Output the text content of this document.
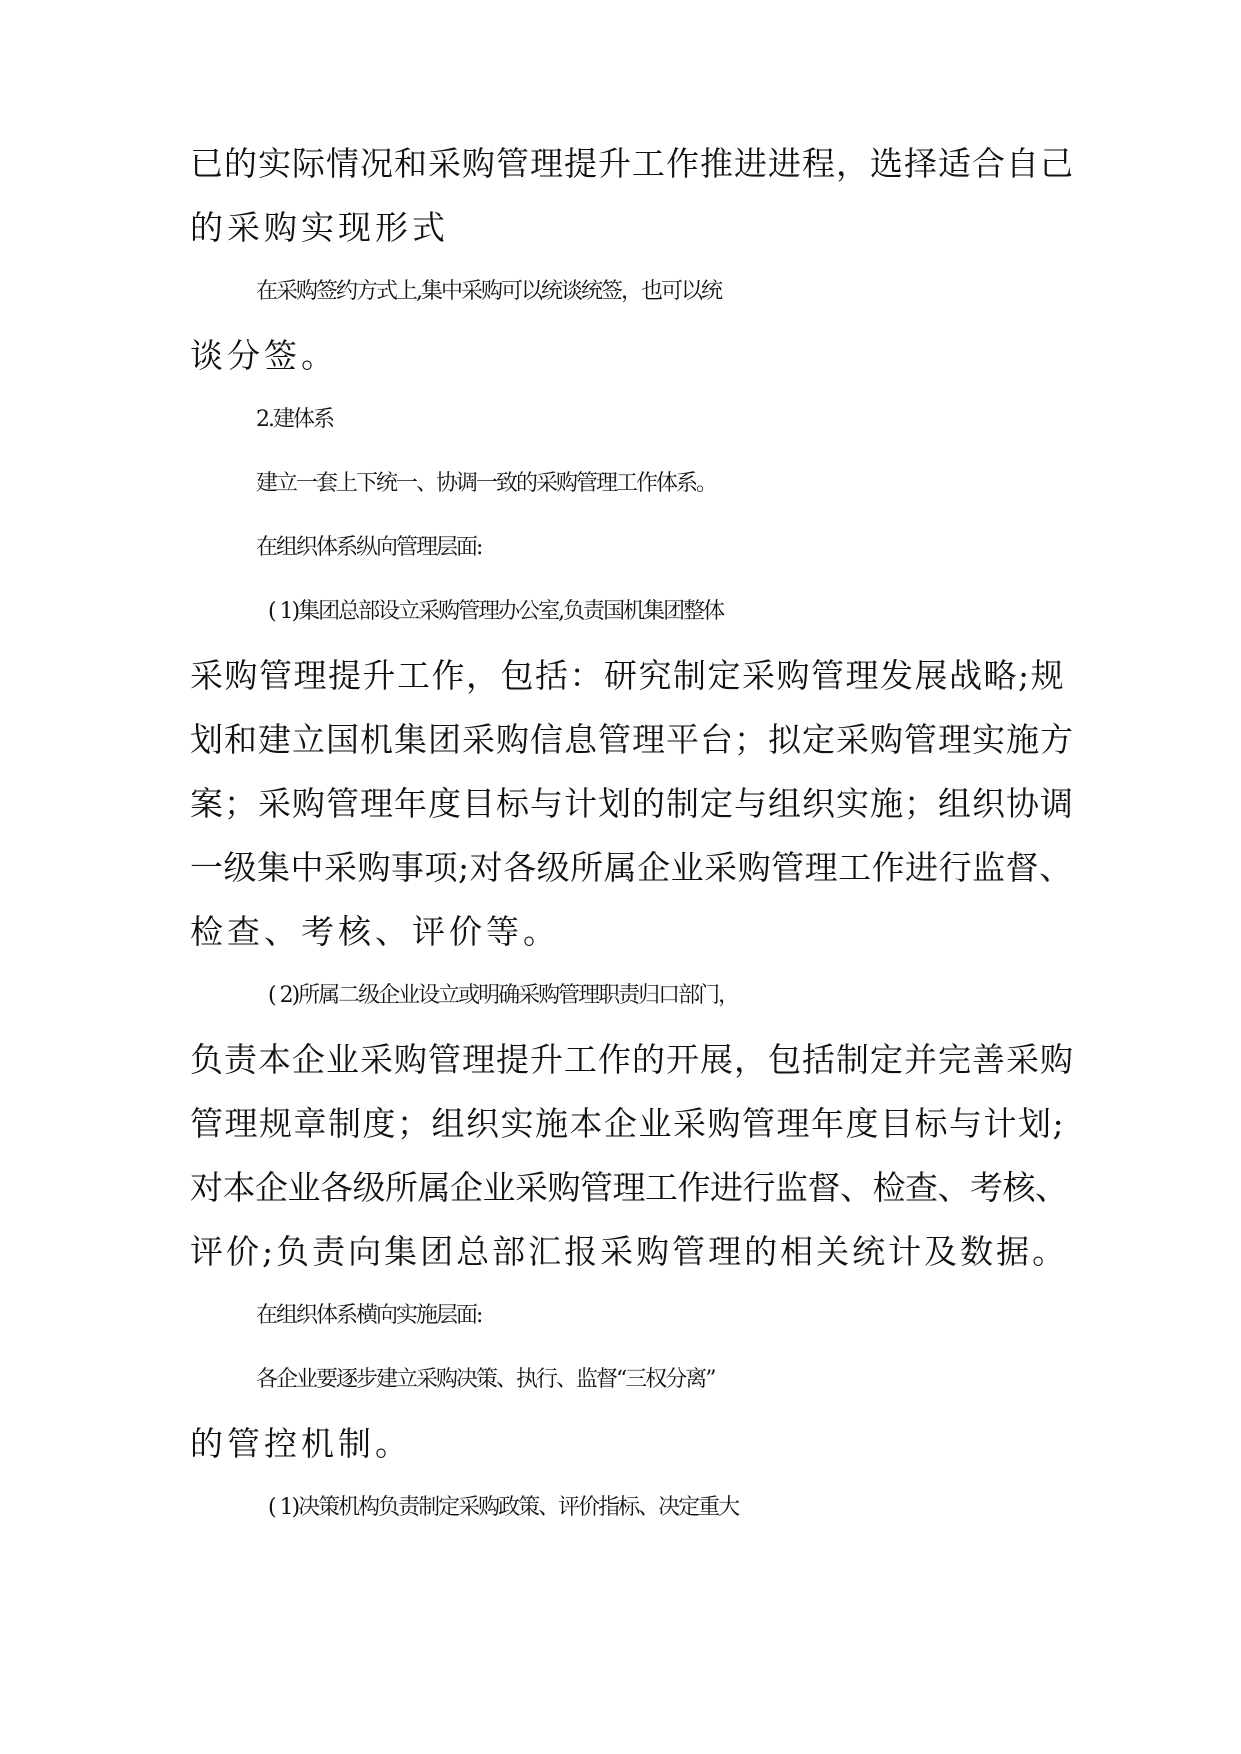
已的实际情况和采购管理提升工作推进进程，选择适合自己
的采购实现形式
在采购签约方式上,集中采购可以统谈统签，也可以统
谈分签。
2.建体系
建立一套上下统一、协调一致的采购管理工作体系。
在组织体系纵向管理层面:
( 1)集团总部设立采购管理办公室,负责国机集团整体
采购管理提升工作，包括：研究制定采购管理发展战略;规
划和建立国机集团采购信息管理平台；拟定采购管理实施方
案；采购管理年度目标与计划的制定与组织实施；组织协调
一级集中采购事项;对各级所属企业采购管理工作进行监督、
检查、考核、评价等。
( 2)所属二级企业设立或明确采购管理职责归口部门，
负责本企业采购管理提升工作的开展，包括制定并完善采购
管理规章制度；组织实施本企业采购管理年度目标与计划;
对本企业各级所属企业采购管理工作进行监督、检查、考核、
评价;负责向集团总部汇报采购管理的相关统计及数据。
在组织体系横向实施层面:
各企业要逐步建立采购决策、执行、监督“三权分离”
的管控机制。
( 1)决策机构负责制定采购政策、评价指标、决定重大
